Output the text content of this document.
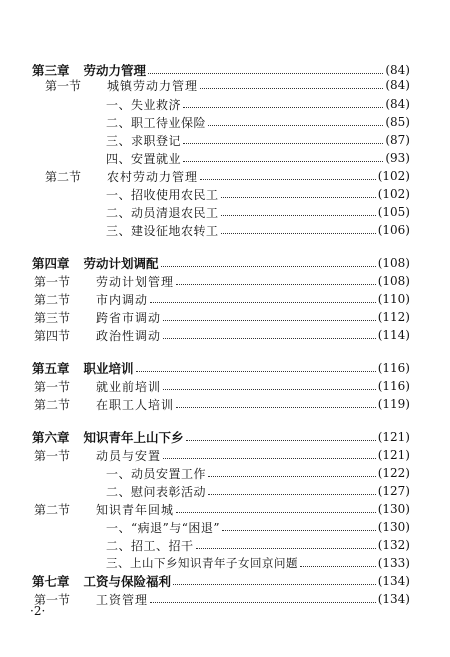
第三章 劳动力管理	(84)
第一节	城镇劳动力管理	(84)
一、失业救济	(84)
二、职工待业保险	(85)
三、求职登记	(87)
四、安置就业	(93)
第二节	农村劳动力管理	(102)
一、招收使用农民工	(102)
二、动员清退农民工	(105)
三、建设征地农转工	(106)
第四章 劳动计划调配	(108)
第一节	劳动计划管理	(108)
第二节	市内调动	(110)
第三节	跨省市调动	(112)
第四节	政治性调动	(114)
第五章 职业培训	(116)
第一节	就业前培训	(116)
第二节	在职工人培训	(119)
第六章 知识青年上山下乡	(121)
第一节	动员与安置	(121)
一、动员安置工作	(122)
二、慰问表彰活动	(127)
第二节	知识青年回城	(130)
一、“病退”与“困退”	(130)
二、招工、招干	(132)
三、上山下乡知识青年子女回京问题	(133)
第七章 工资与保险福利	(134)
第一节	工资管理	(134)
·2·
